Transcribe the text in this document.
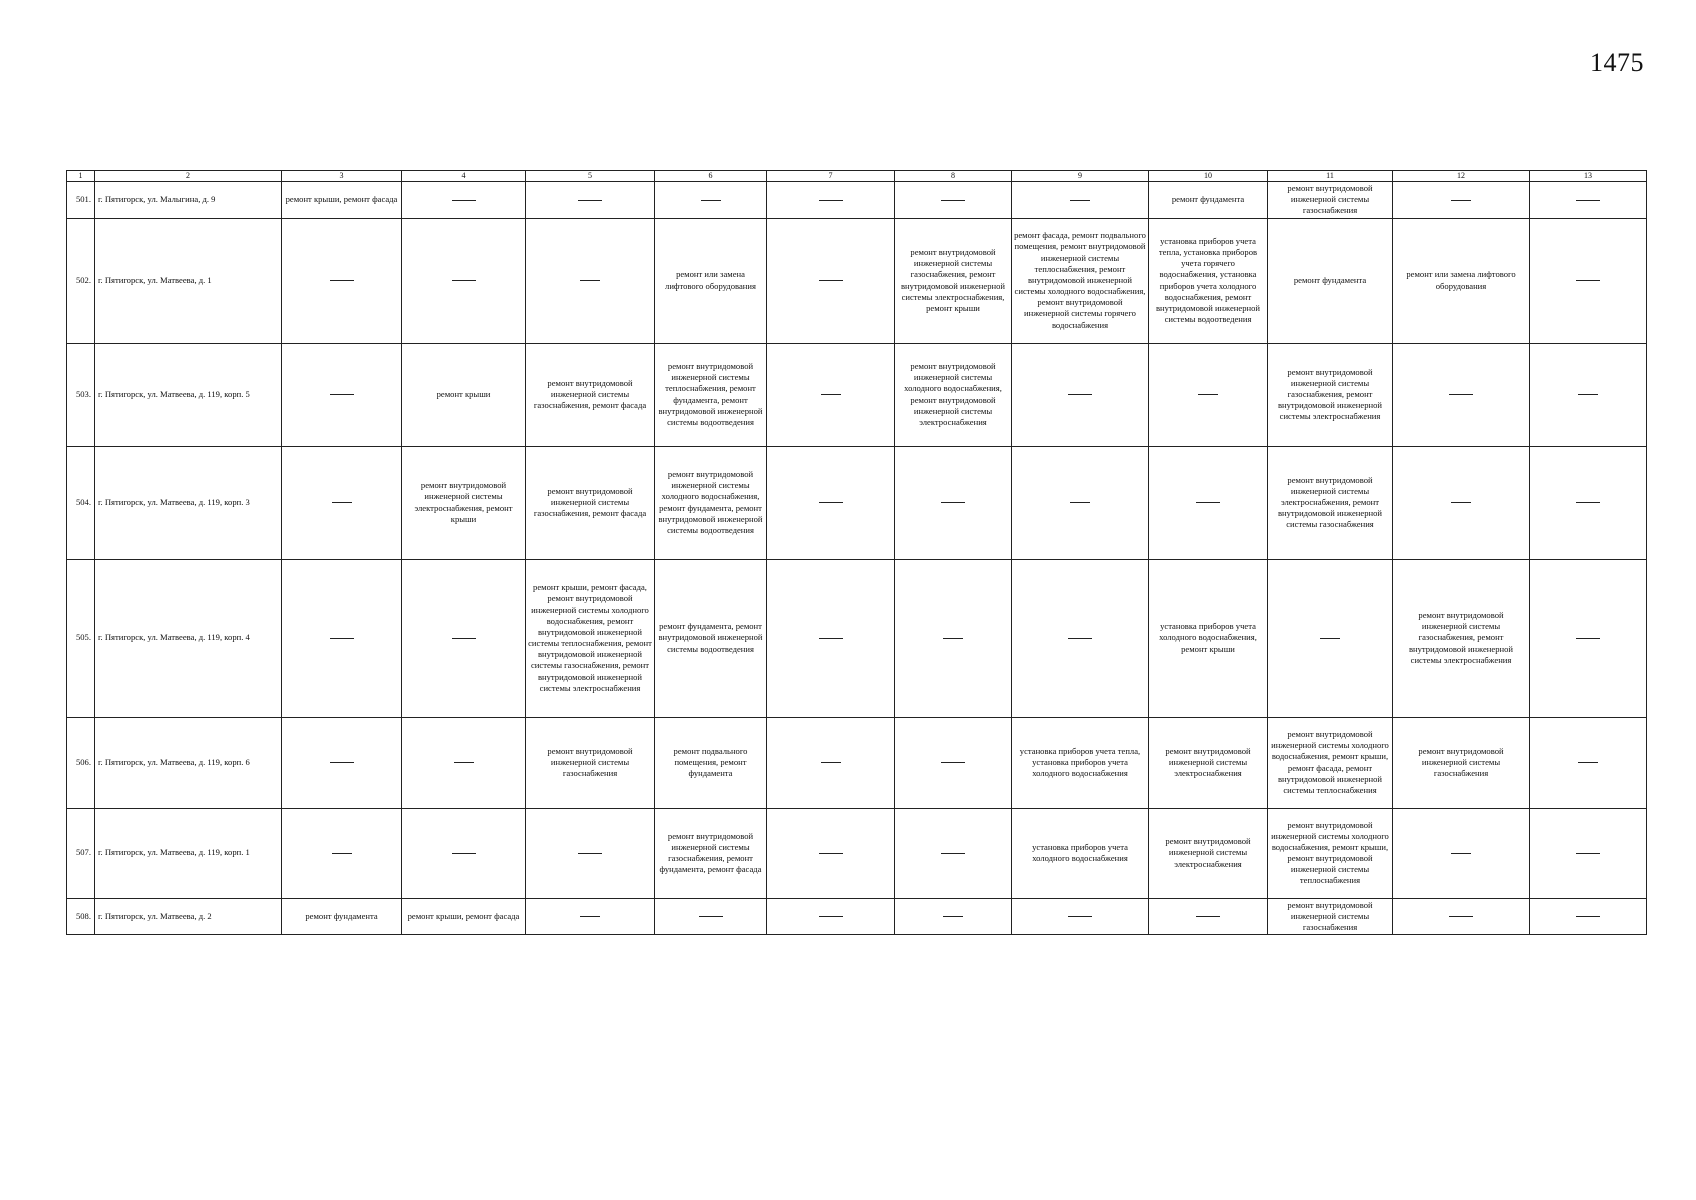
1475
1	2	3	4	5	6	7	8	9	10	11	12	13
501.	г. Пятигорск, ул. Малыгина, д. 9	ремонт крыши, ремонт фасада							ремонт фундамента	ремонт внутридомовой инженерной системы газоснабжения		
502.	г. Пятигорск, ул. Матвеева, д. 1				ремонт или замена лифтового оборудования		ремонт внутридомовой инженерной системы газоснабжения, ремонт внутридомовой инженерной системы электроснабжения, ремонт крыши	ремонт фасада, ремонт подвального помещения, ремонт внутридомовой инженерной системы теплоснабжения, ремонт внутридомовой инженерной системы холодного водоснабжения, ремонт внутридомовой инженерной системы горячего водоснабжения	установка приборов учета тепла, установка приборов учета горячего водоснабжения, установка приборов учета холодного водоснабжения, ремонт внутридомовой инженерной системы водоотведения	ремонт фундамента	ремонт или замена лифтового оборудования	
503.	г. Пятигорск, ул. Матвеева, д. 119, корп. 5		ремонт крыши	ремонт внутридомовой инженерной системы газоснабжения, ремонт фасада	ремонт внутридомовой инженерной системы теплоснабжения, ремонт фундамента, ремонт внутридомовой инженерной системы водоотведения		ремонт внутридомовой инженерной системы холодного водоснабжения, ремонт внутридомовой инженерной системы электроснабжения			ремонт внутридомовой инженерной системы газоснабжения, ремонт внутридомовой инженерной системы электроснабжения		
504.	г. Пятигорск, ул. Матвеева, д. 119, корп. 3		ремонт внутридомовой инженерной системы электроснабжения, ремонт крыши	ремонт внутридомовой инженерной системы газоснабжения, ремонт фасада	ремонт внутридомовой инженерной системы холодного водоснабжения, ремонт фундамента, ремонт внутридомовой инженерной системы водоотведения					ремонт внутридомовой инженерной системы электроснабжения, ремонт внутридомовой инженерной системы газоснабжения		
505.	г. Пятигорск, ул. Матвеева, д. 119, корп. 4			ремонт крыши, ремонт фасада, ремонт внутридомовой инженерной системы холодного водоснабжения, ремонт внутридомовой инженерной системы теплоснабжения, ремонт внутридомовой инженерной системы газоснабжения, ремонт внутридомовой инженерной системы электроснабжения	ремонт фундамента, ремонт внутридомовой инженерной системы водоотведения				установка приборов учета холодного водоснабжения, ремонт крыши		ремонт внутридомовой инженерной системы газоснабжения, ремонт внутридомовой инженерной системы электроснабжения	
506.	г. Пятигорск, ул. Матвеева, д. 119, корп. 6			ремонт внутридомовой инженерной системы газоснабжения	ремонт подвального помещения, ремонт фундамента			установка приборов учета тепла, установка приборов учета холодного водоснабжения	ремонт внутридомовой инженерной системы электроснабжения	ремонт внутридомовой инженерной системы холодного водоснабжения, ремонт крыши, ремонт фасада, ремонт внутридомовой инженерной системы теплоснабжения	ремонт внутридомовой инженерной системы газоснабжения	
507.	г. Пятигорск, ул. Матвеева, д. 119, корп. 1				ремонт внутридомовой инженерной системы газоснабжения, ремонт фундамента, ремонт фасада			установка приборов учета холодного водоснабжения	ремонт внутридомовой инженерной системы электроснабжения	ремонт внутридомовой инженерной системы холодного водоснабжения, ремонт крыши, ремонт внутридомовой инженерной системы теплоснабжения		
508.	г. Пятигорск, ул. Матвеева, д. 2	ремонт фундамента	ремонт крыши, ремонт фасада							ремонт внутридомовой инженерной системы газоснабжения		
